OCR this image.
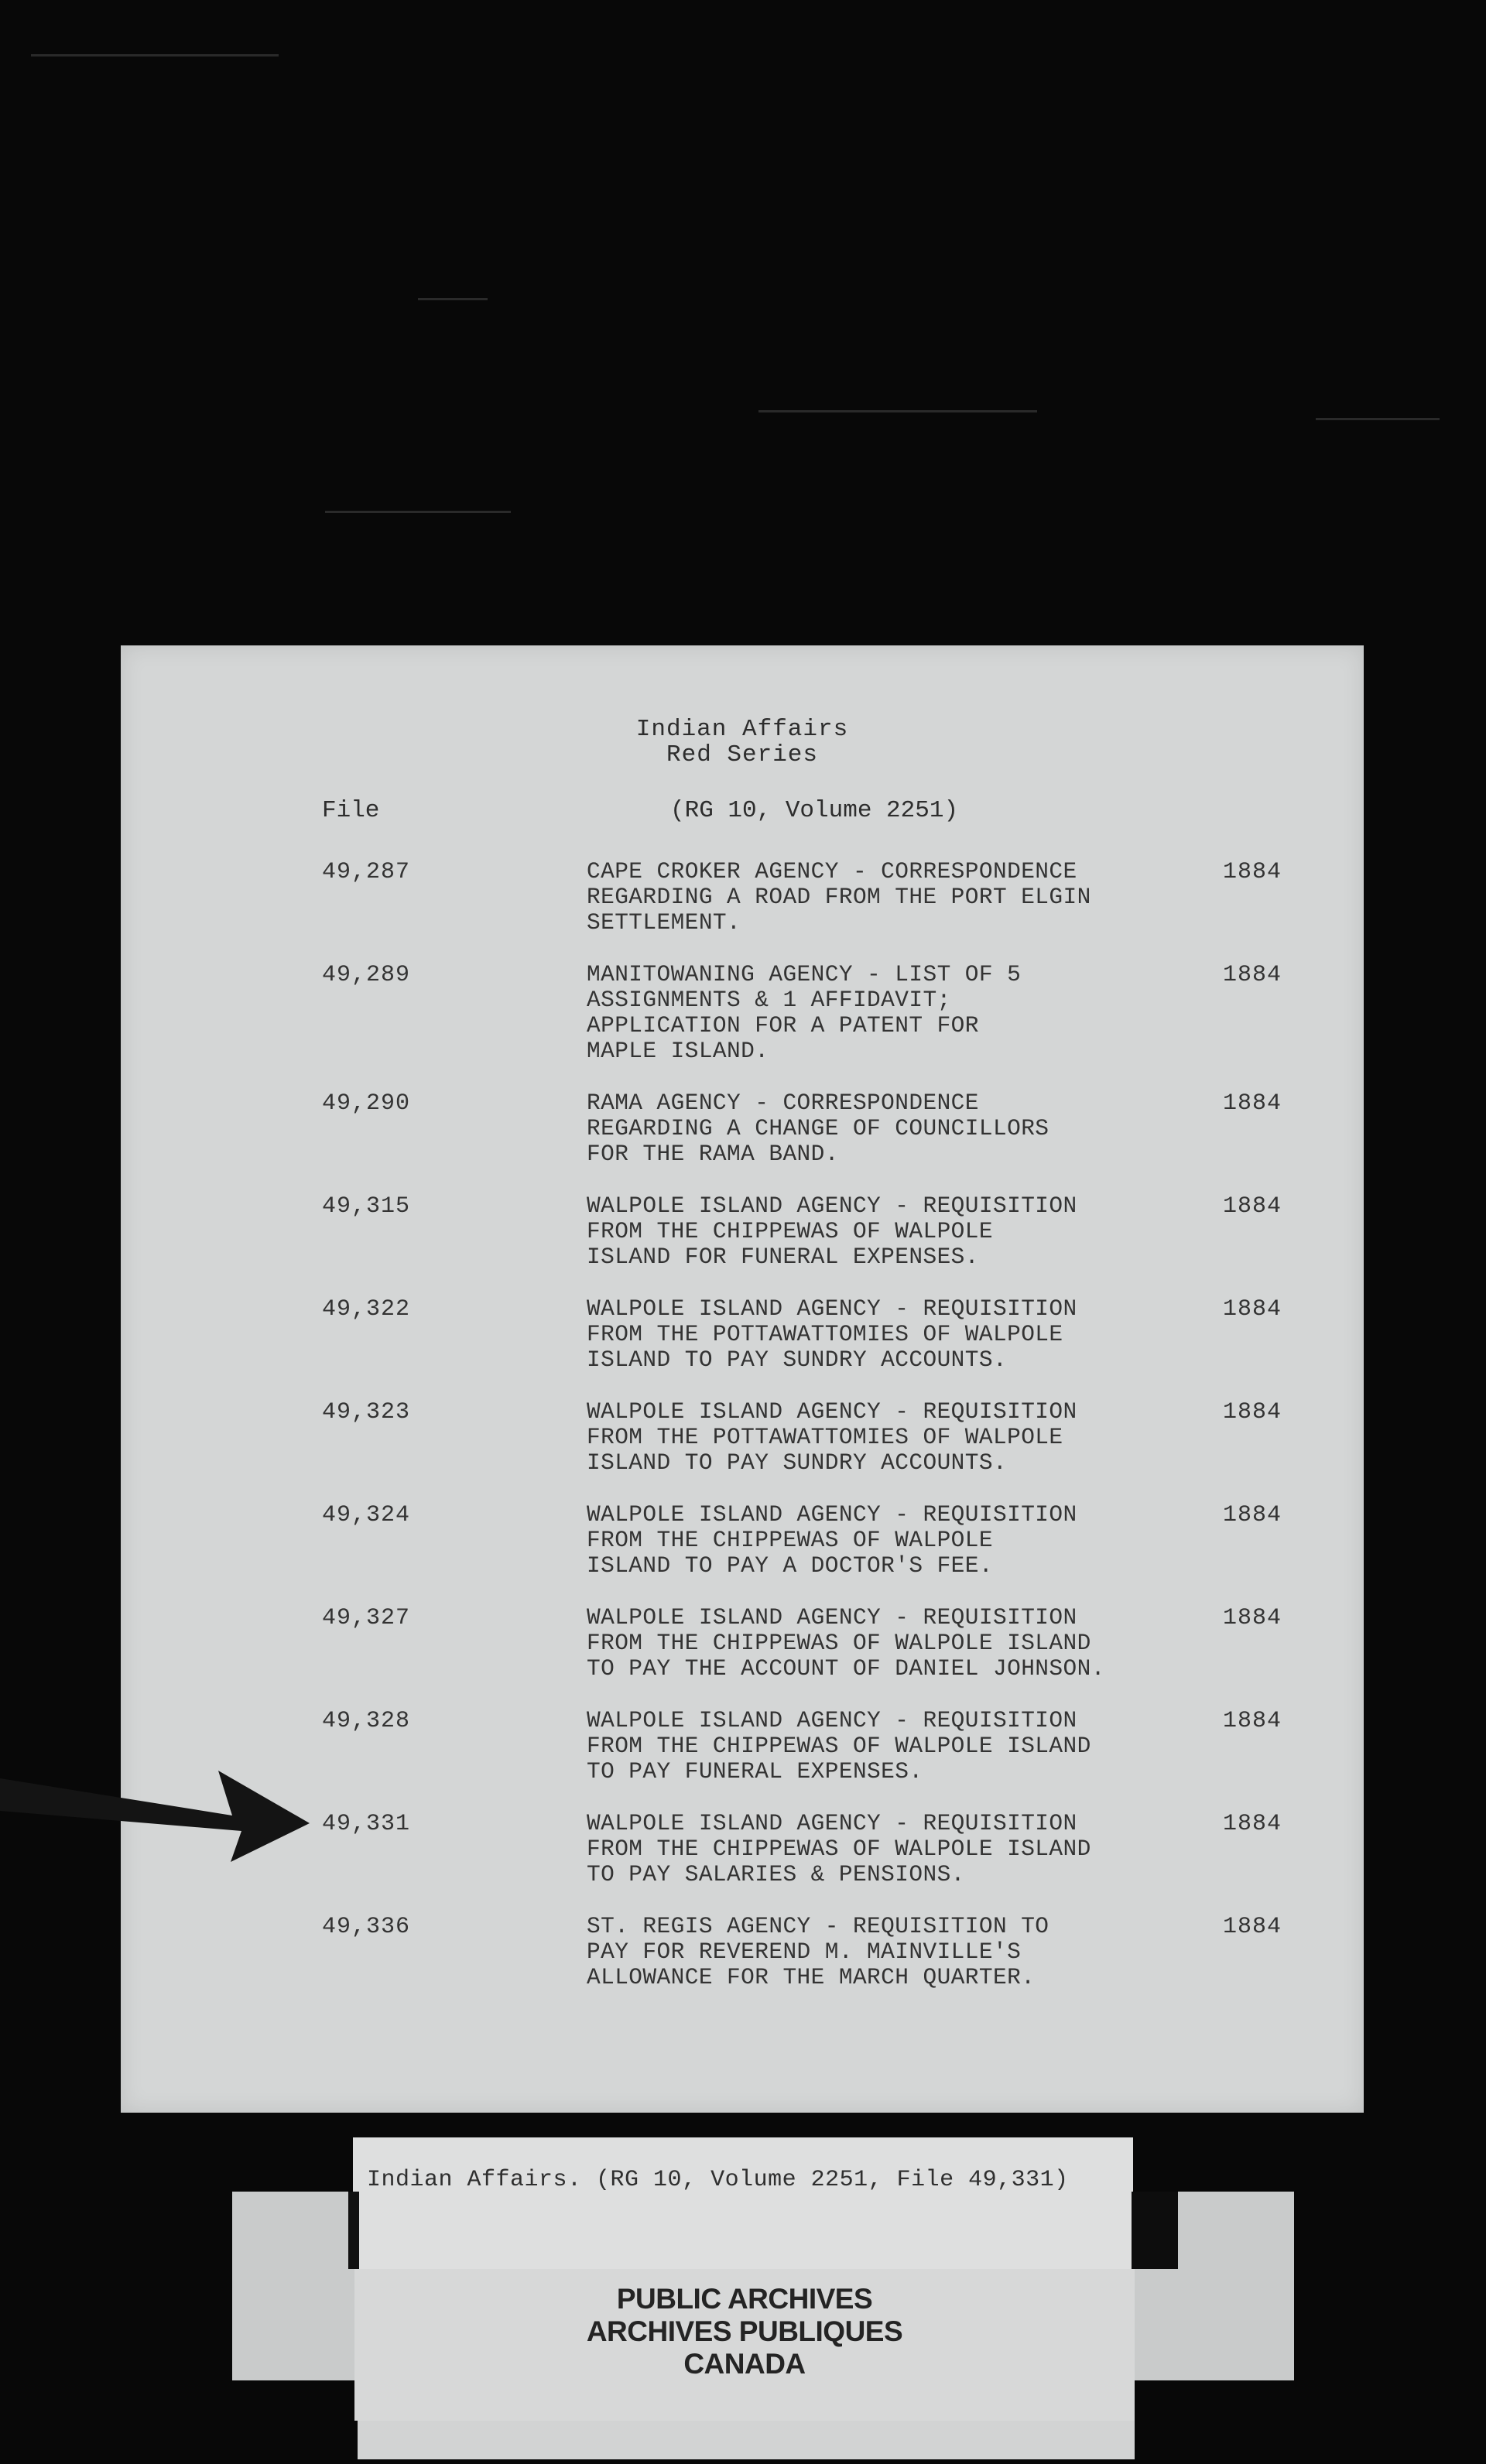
Indian Affairs
Red Series
File	(RG 10, Volume 2251)
49,287	CAPE CROKER AGENCY - CORRESPONDENCE
REGARDING A ROAD FROM THE PORT ELGIN
SETTLEMENT.
1884
49,289	MANITOWANING AGENCY - LIST OF 5
ASSIGNMENTS & 1 AFFIDAVIT;
APPLICATION FOR A PATENT FOR
MAPLE ISLAND.
1884
49,290	RAMA AGENCY - CORRESPONDENCE
REGARDING A CHANGE OF COUNCILLORS
FOR THE RAMA BAND.
1884
49,315	WALPOLE ISLAND AGENCY - REQUISITION
FROM THE CHIPPEWAS OF WALPOLE
ISLAND FOR FUNERAL EXPENSES.
1884
49,322	WALPOLE ISLAND AGENCY - REQUISITION
FROM THE POTTAWATTOMIES OF WALPOLE
ISLAND TO PAY SUNDRY ACCOUNTS.
1884
49,323	WALPOLE ISLAND AGENCY - REQUISITION
FROM THE POTTAWATTOMIES OF WALPOLE
ISLAND TO PAY SUNDRY ACCOUNTS.
1884
49,324	WALPOLE ISLAND AGENCY - REQUISITION
FROM THE CHIPPEWAS OF WALPOLE
ISLAND TO PAY A DOCTOR'S FEE.
1884
49,327	WALPOLE ISLAND AGENCY - REQUISITION
FROM THE CHIPPEWAS OF WALPOLE ISLAND
TO PAY THE ACCOUNT OF DANIEL JOHNSON.
1884
49,328	WALPOLE ISLAND AGENCY - REQUISITION
FROM THE CHIPPEWAS OF WALPOLE ISLAND
TO PAY FUNERAL EXPENSES.
1884
49,331	WALPOLE ISLAND AGENCY - REQUISITION
FROM THE CHIPPEWAS OF WALPOLE ISLAND
TO PAY SALARIES & PENSIONS.
1884
49,336	ST. REGIS AGENCY - REQUISITION TO
PAY FOR REVEREND M. MAINVILLE'S
ALLOWANCE FOR THE MARCH QUARTER.
1884
Indian Affairs. (RG 10, Volume 2251, File 49,331)
PUBLIC ARCHIVES
ARCHIVES PUBLIQUES
CANADA
